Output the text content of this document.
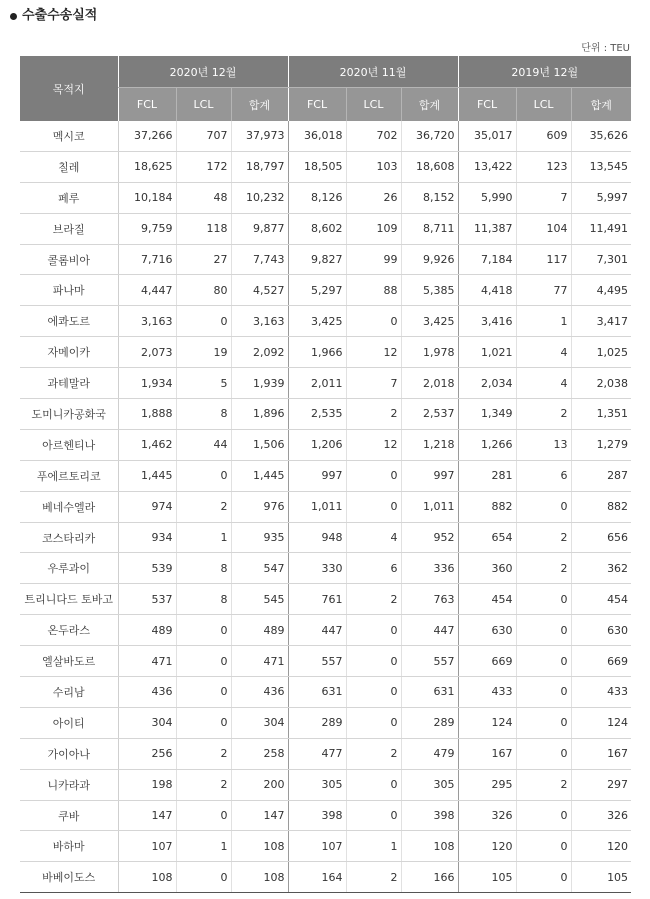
수출수송실적
단위 : TEU
목적지	2020년 12월			2020년 11월			2019년 12월		
	FCL	LCL	합계	FCL	LCL	합계	FCL	LCL	합계
멕시코	37,266	707	37,973	36,018	702	36,720	35,017	609	35,626
칠레	18,625	172	18,797	18,505	103	18,608	13,422	123	13,545
페루	10,184	48	10,232	8,126	26	8,152	5,990	7	5,997
브라질	9,759	118	9,877	8,602	109	8,711	11,387	104	11,491
콜롬비아	7,716	27	7,743	9,827	99	9,926	7,184	117	7,301
파나마	4,447	80	4,527	5,297	88	5,385	4,418	77	4,495
에콰도르	3,163	0	3,163	3,425	0	3,425	3,416	1	3,417
자메이카	2,073	19	2,092	1,966	12	1,978	1,021	4	1,025
과테말라	1,934	5	1,939	2,011	7	2,018	2,034	4	2,038
도미니카공화국	1,888	8	1,896	2,535	2	2,537	1,349	2	1,351
아르헨티나	1,462	44	1,506	1,206	12	1,218	1,266	13	1,279
푸에르토리코	1,445	0	1,445	997	0	997	281	6	287
베네수엘라	974	2	976	1,011	0	1,011	882	0	882
코스타리카	934	1	935	948	4	952	654	2	656
우루과이	539	8	547	330	6	336	360	2	362
트리니다드 토바고	537	8	545	761	2	763	454	0	454
온두라스	489	0	489	447	0	447	630	0	630
엘살바도르	471	0	471	557	0	557	669	0	669
수리남	436	0	436	631	0	631	433	0	433
아이티	304	0	304	289	0	289	124	0	124
가이아나	256	2	258	477	2	479	167	0	167
니카라과	198	2	200	305	0	305	295	2	297
쿠바	147	0	147	398	0	398	326	0	326
바하마	107	1	108	107	1	108	120	0	120
바베이도스	108	0	108	164	2	166	105	0	105
